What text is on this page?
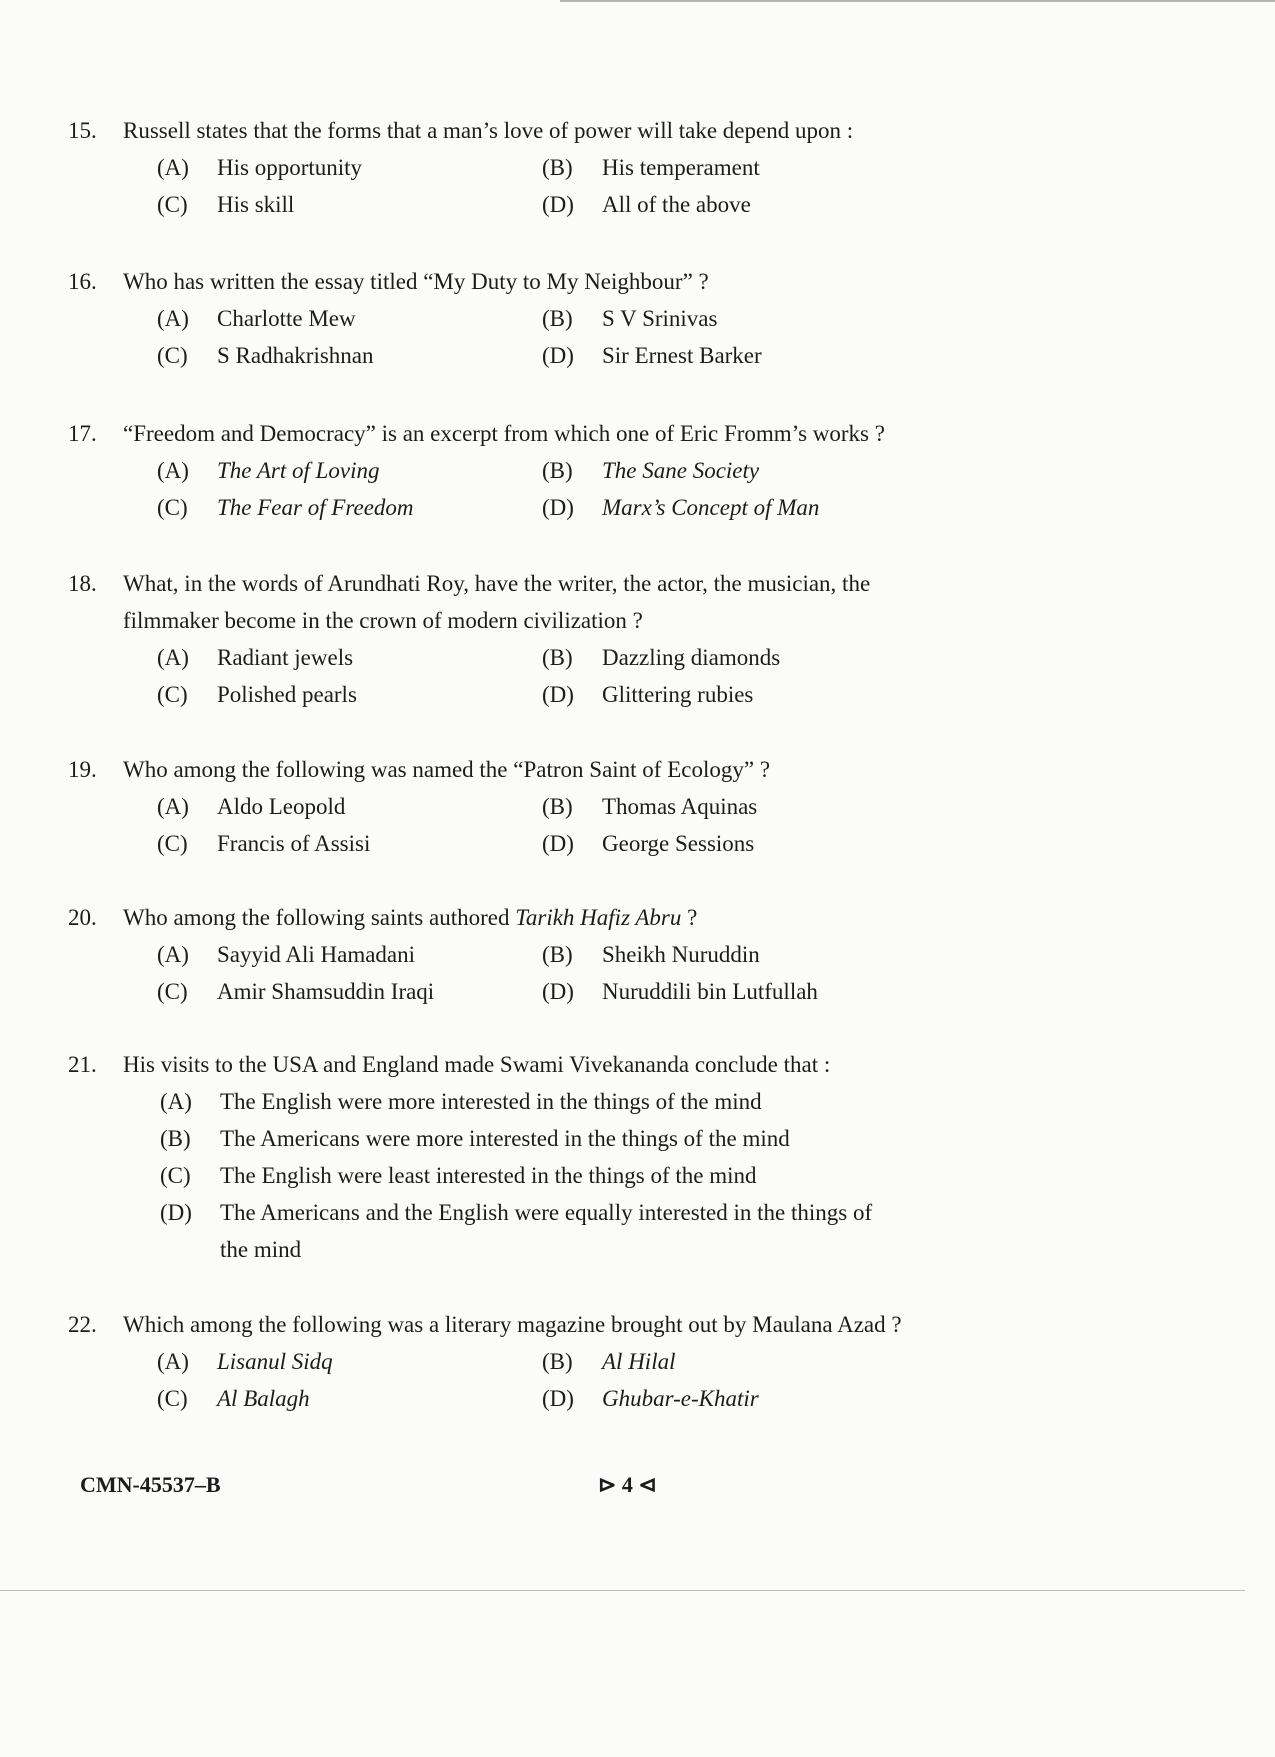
15.	Russell states that the forms that a man’s love of power will take depend upon :
(A)	His opportunity	(B)	His temperament
(C)	His skill	(D)	All of the above
16.	Who has written the essay titled “My Duty to My Neighbour” ?
(A)	Charlotte Mew	(B)	S V Srinivas
(C)	S Radhakrishnan	(D)	Sir Ernest Barker
17.	“Freedom and Democracy” is an excerpt from which one of Eric Fromm’s works ?
(A)	The Art of Loving	(B)	The Sane Society
(C)	The Fear of Freedom	(D)	Marx’s Concept of Man
18.	What, in the words of Arundhati Roy, have the writer, the actor, the musician, the filmmaker become in the crown of modern civilization ?
(A)	Radiant jewels	(B)	Dazzling diamonds
(C)	Polished pearls	(D)	Glittering rubies
19.	Who among the following was named the “Patron Saint of Ecology” ?
(A)	Aldo Leopold	(B)	Thomas Aquinas
(C)	Francis of Assisi	(D)	George Sessions
20.	Who among the following saints authored Tarikh Hafiz Abru ?
(A)	Sayyid Ali Hamadani	(B)	Sheikh Nuruddin
(C)	Amir Shamsuddin Iraqi	(D)	Nuruddili bin Lutfullah
21.	His visits to the USA and England made Swami Vivekananda conclude that :
(A)	The English were more interested in the things of the mind
(B)	The Americans were more interested in the things of the mind
(C)	The English were least interested in the things of the mind
(D)	The Americans and the English were equally interested in the things of the mind
22.	Which among the following was a literary magazine brought out by Maulana Azad ?
(A)	Lisanul Sidq	(B)	Al Hilal
(C)	Al Balagh	(D)	Ghubar-e-Khatir
CMN-45537–B	⊳ 4 ⊲
